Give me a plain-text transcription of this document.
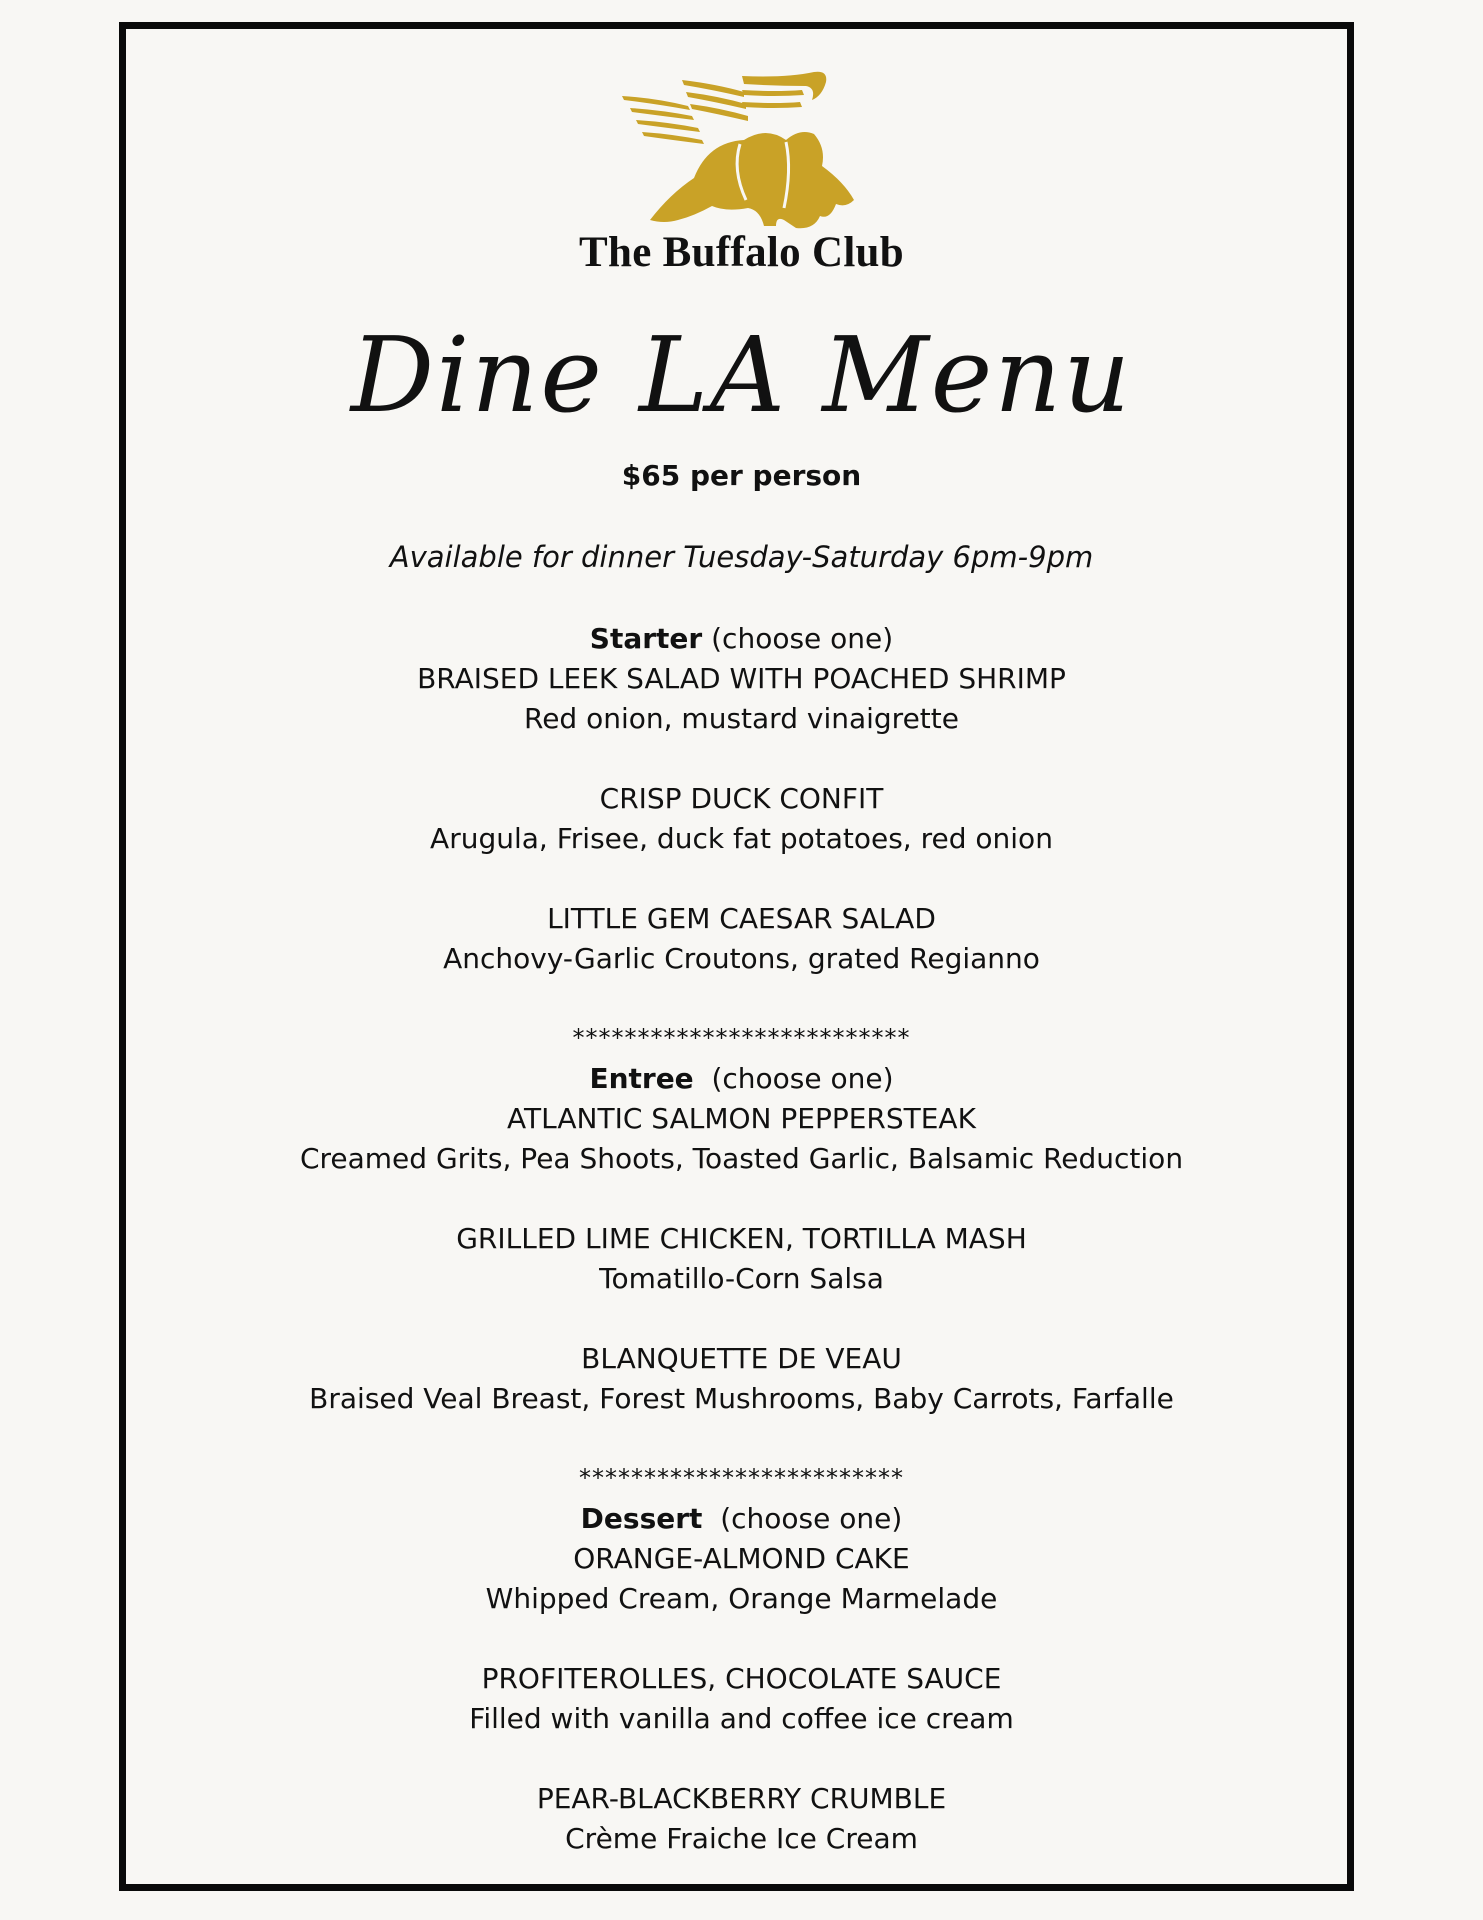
The Buffalo Club
Dine LA Menu
$65 per person
Available for dinner Tuesday-Saturday 6pm-9pm
Starter (choose one)
BRAISED LEEK SALAD WITH POACHED SHRIMP
Red onion, mustard vinaigrette
CRISP DUCK CONFIT
Arugula, Frisee, duck fat potatoes, red onion
LITTLE GEM CAESAR SALAD
Anchovy-Garlic Croutons, grated Regianno
**************************
Entree (choose one)
ATLANTIC SALMON PEPPERSTEAK
Creamed Grits, Pea Shoots, Toasted Garlic, Balsamic Reduction
GRILLED LIME CHICKEN, TORTILLA MASH
Tomatillo-Corn Salsa
BLANQUETTE DE VEAU
Braised Veal Breast, Forest Mushrooms, Baby Carrots, Farfalle
*************************
Dessert (choose one)
ORANGE-ALMOND CAKE
Whipped Cream, Orange Marmelade
PROFITEROLLES, CHOCOLATE SAUCE
Filled with vanilla and coffee ice cream
PEAR-BLACKBERRY CRUMBLE
Crème Fraiche Ice Cream
